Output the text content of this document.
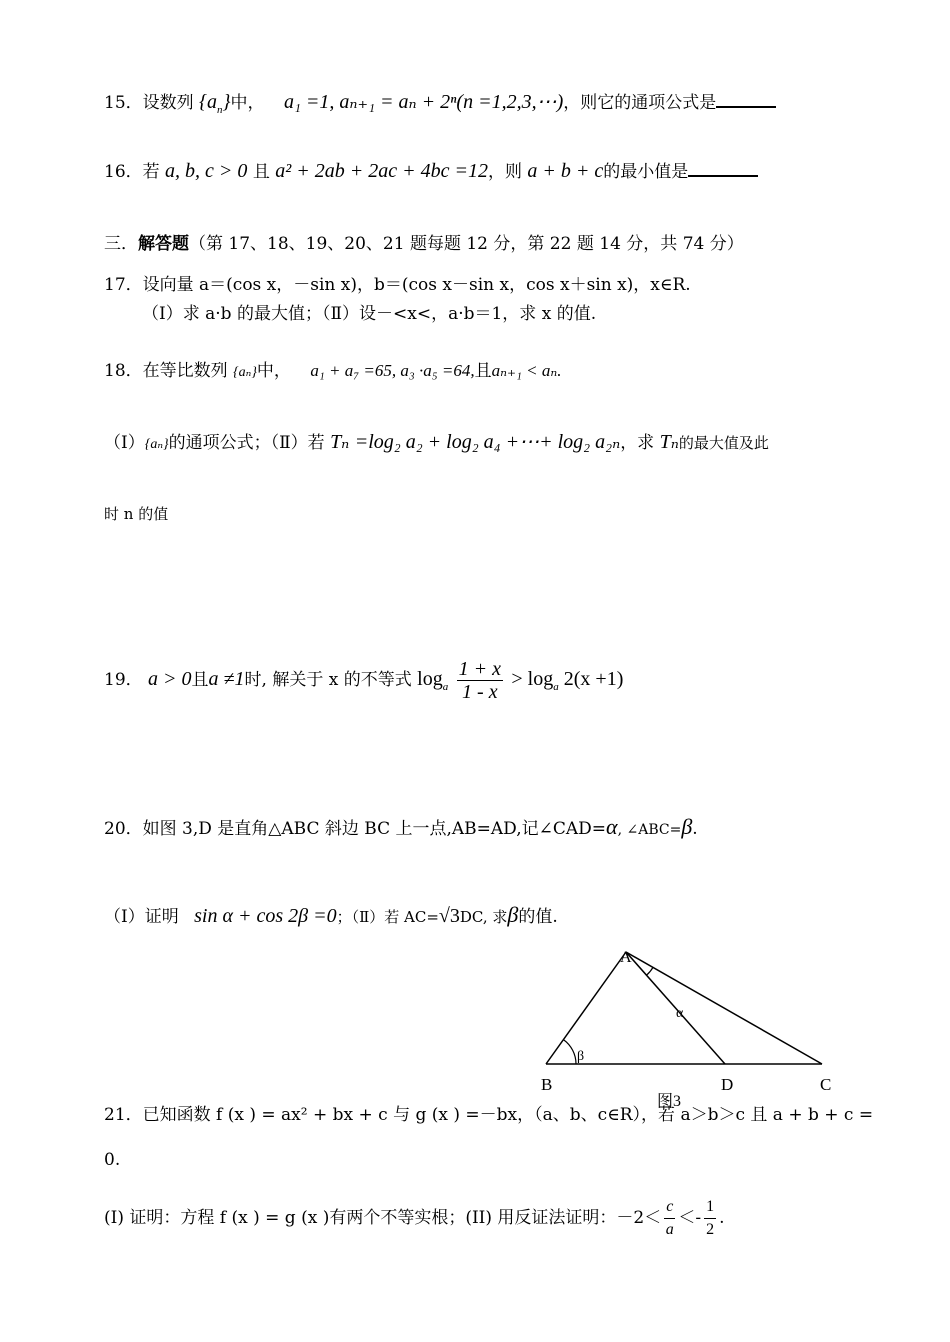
15．设数列 $\{a_n\}$中， a₁ =1, aₙ₊₁ = aₙ + 2ⁿ(n =1,2,3,⋯)，则它的通项公式是
16．若 a, b, c > 0 且 a² + 2ab + 2ac + 4bc =12，则 a + b + c的最小值是
三．解答题（第 17、18、19、20、21 题每题 12 分，第 22 题 14 分，共 74 分）
17．设向量 a＝(cos x，－sin x)，b＝(cos x－sin x，cos x＋sin x)，x∈R.
（Ⅰ）求 a·b 的最大值；（Ⅱ）设－<x<，a·b＝1，求 x 的值.
18．在等比数列 {aₙ}中， a₁ + a₇ =65, a₃ ·a₅ =64,且aₙ₊₁ < aₙ.
（Ⅰ）{aₙ}的通项公式；（Ⅱ）若 Tₙ =log₂ a₂ + log₂ a₄ +⋯+ log₂ a₂ₙ，求 Tₙ的最大值及此
时 n 的值
19． a > 0且a ≠1时, 解关于 x 的不等式 $\log_a \frac{1 + x}{1 - x} > \log_a 2(x +1)$
20．如图 3,D 是直角△ABC 斜边 BC 上一点,AB=AD,记∠CAD=α, ∠ABC=β.
（Ⅰ）证明 sin α + cos 2β =0；（Ⅱ）若 AC=√3DC, 求β的值.
A
α
β
B	D	C
图3
21．已知函数 f (x ) = ax² + bx + c 与 g (x ) =－bx，（a、b、c∈R），若 a＞b＞c 且 a + b + c =
0.
(I) 证明：方程 f (x ) = g (x )有两个不等实根；(II) 用反证法证明：$-2< \frac{c}{a} <- \frac{1}{2}$ .
